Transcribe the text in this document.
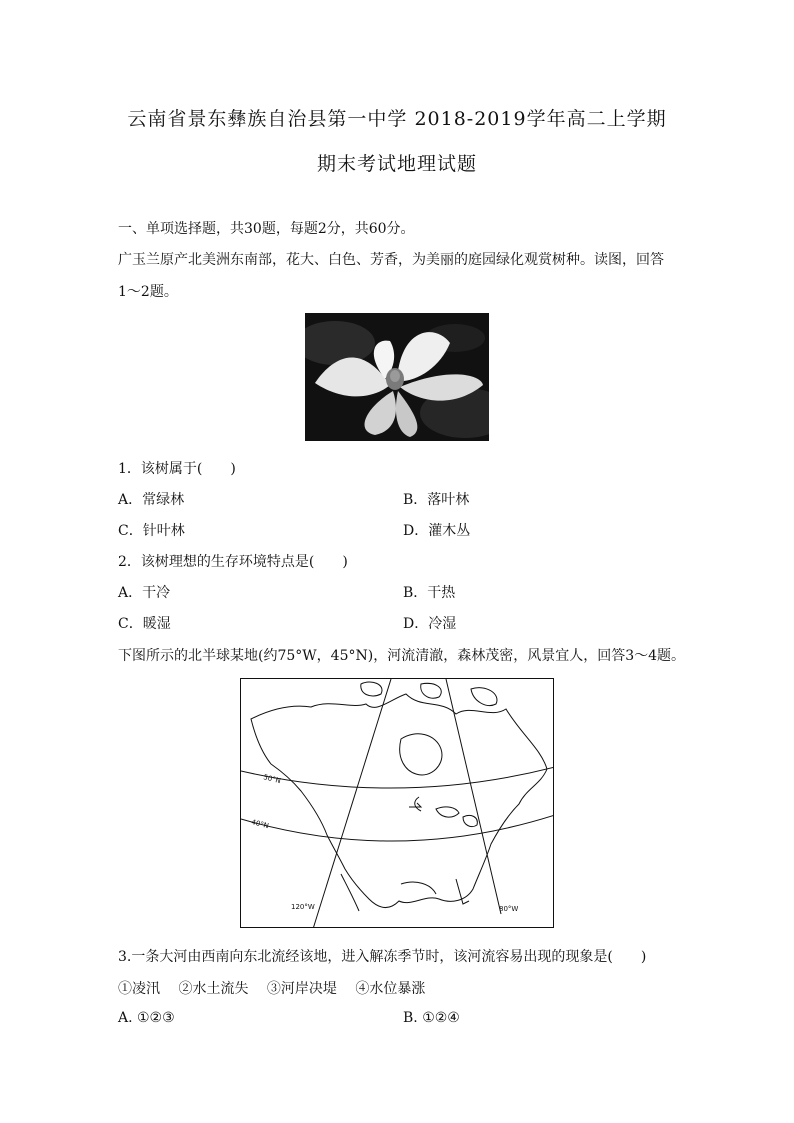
云南省景东彝族自治县第一中学 2018-2019学年高二上学期
期末考试地理试题
一、单项选择题，共30题，每题2分，共60分。
广玉兰原产北美洲东南部，花大、白色、芳香，为美丽的庭园绿化观赏树种。读图，回答
1～2题。
1．该树属于(　　)
A．常绿林	B．落叶林
C．针叶林	D．灌木丛
2．该树理想的生存环境特点是(　　)
A．干冷	B．干热
C．暖湿	D．冷湿
下图所示的北半球某地(约75°W，45°N)，河流清澈，森林茂密，风景宜人，回答3～4题。
50°N
40°N
120°W	80°W
3.一条大河由西南向东北流经该地，进入解冻季节时，该河流容易出现的现象是(　　)
①凌汛　 ②水土流失　 ③河岸决堤　 ④水位暴涨
A. ①②③	B. ①②④
